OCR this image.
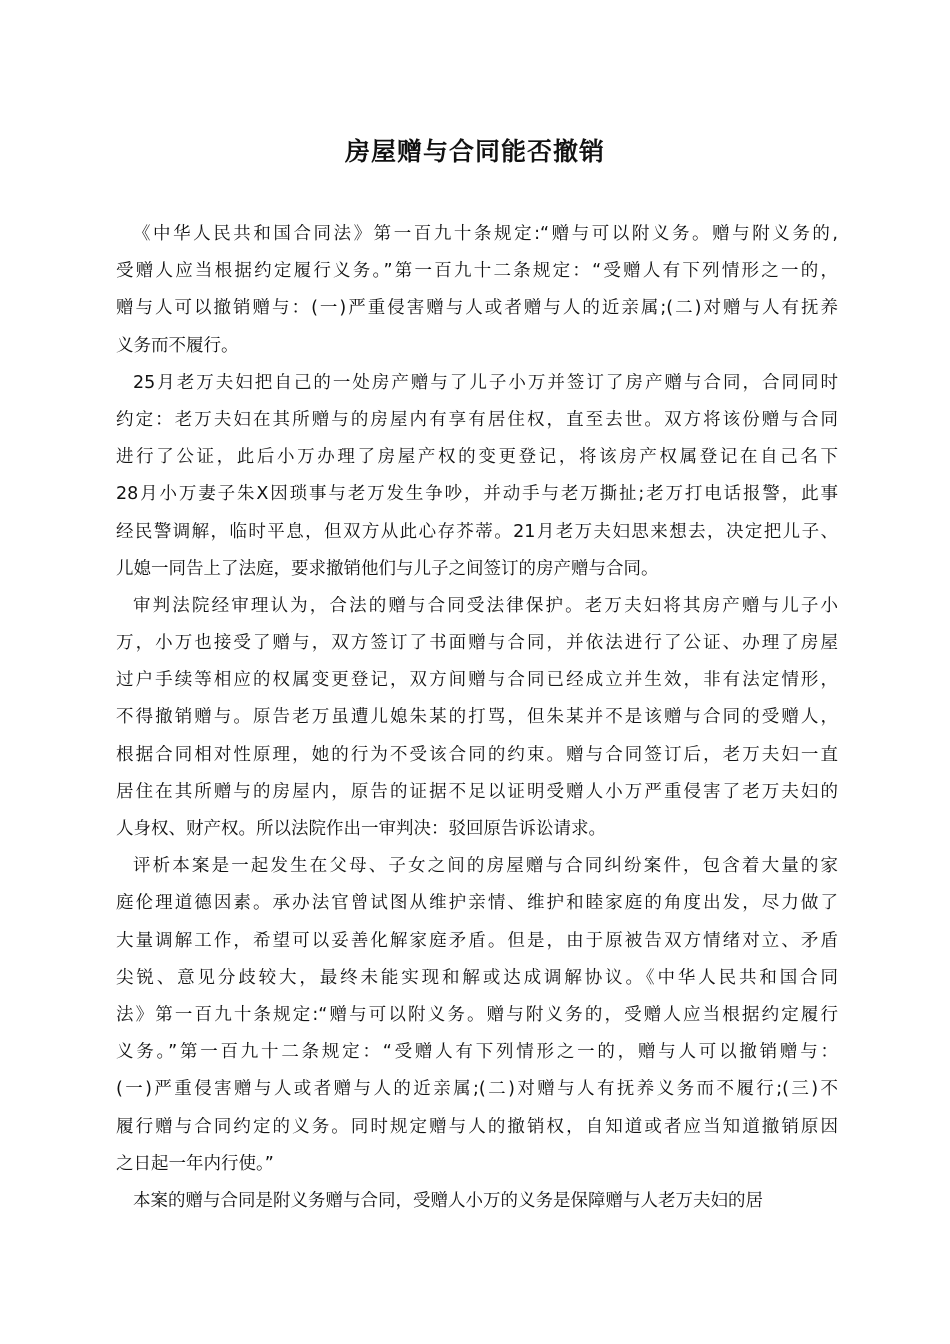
房屋赠与合同能否撤销
《中华人民共和国合同法》第一百九十条规定:“赠与可以附义务。赠与附义务的,
受赠人应当根据约定履行义务。”第一百九十二条规定：“受赠人有下列情形之一的，
赠与人可以撤销赠与：(一)严重侵害赠与人或者赠与人的近亲属;(二)对赠与人有抚养
义务而不履行。
25月老万夫妇把自己的一处房产赠与了儿子小万并签订了房产赠与合同，合同同时
约定：老万夫妇在其所赠与的房屋内有享有居住权，直至去世。双方将该份赠与合同
进行了公证，此后小万办理了房屋产权的变更登记，将该房产权属登记在自己名下
28月小万妻子朱X因琐事与老万发生争吵，并动手与老万撕扯;老万打电话报警，此事
经民警调解，临时平息，但双方从此心存芥蒂。21月老万夫妇思来想去，决定把儿子、
儿媳一同告上了法庭，要求撤销他们与儿子之间签订的房产赠与合同。
审判法院经审理认为，合法的赠与合同受法律保护。老万夫妇将其房产赠与儿子小
万，小万也接受了赠与，双方签订了书面赠与合同，并依法进行了公证、办理了房屋
过户手续等相应的权属变更登记，双方间赠与合同已经成立并生效，非有法定情形，
不得撤销赠与。原告老万虽遭儿媳朱某的打骂，但朱某并不是该赠与合同的受赠人，
根据合同相对性原理，她的行为不受该合同的约束。赠与合同签订后，老万夫妇一直
居住在其所赠与的房屋内，原告的证据不足以证明受赠人小万严重侵害了老万夫妇的
人身权、财产权。所以法院作出一审判决：驳回原告诉讼请求。
评析本案是一起发生在父母、子女之间的房屋赠与合同纠纷案件，包含着大量的家
庭伦理道德因素。承办法官曾试图从维护亲情、维护和睦家庭的角度出发，尽力做了
大量调解工作，希望可以妥善化解家庭矛盾。但是，由于原被告双方情绪对立、矛盾
尖锐、意见分歧较大，最终未能实现和解或达成调解协议。《中华人民共和国合同
法》第一百九十条规定:“赠与可以附义务。赠与附义务的，受赠人应当根据约定履行
义务。”第一百九十二条规定：“受赠人有下列情形之一的，赠与人可以撤销赠与：
(一)严重侵害赠与人或者赠与人的近亲属;(二)对赠与人有抚养义务而不履行;(三)不
履行赠与合同约定的义务。同时规定赠与人的撤销权，自知道或者应当知道撤销原因
之日起一年内行使。”
本案的赠与合同是附义务赠与合同，受赠人小万的义务是保障赠与人老万夫妇的居
